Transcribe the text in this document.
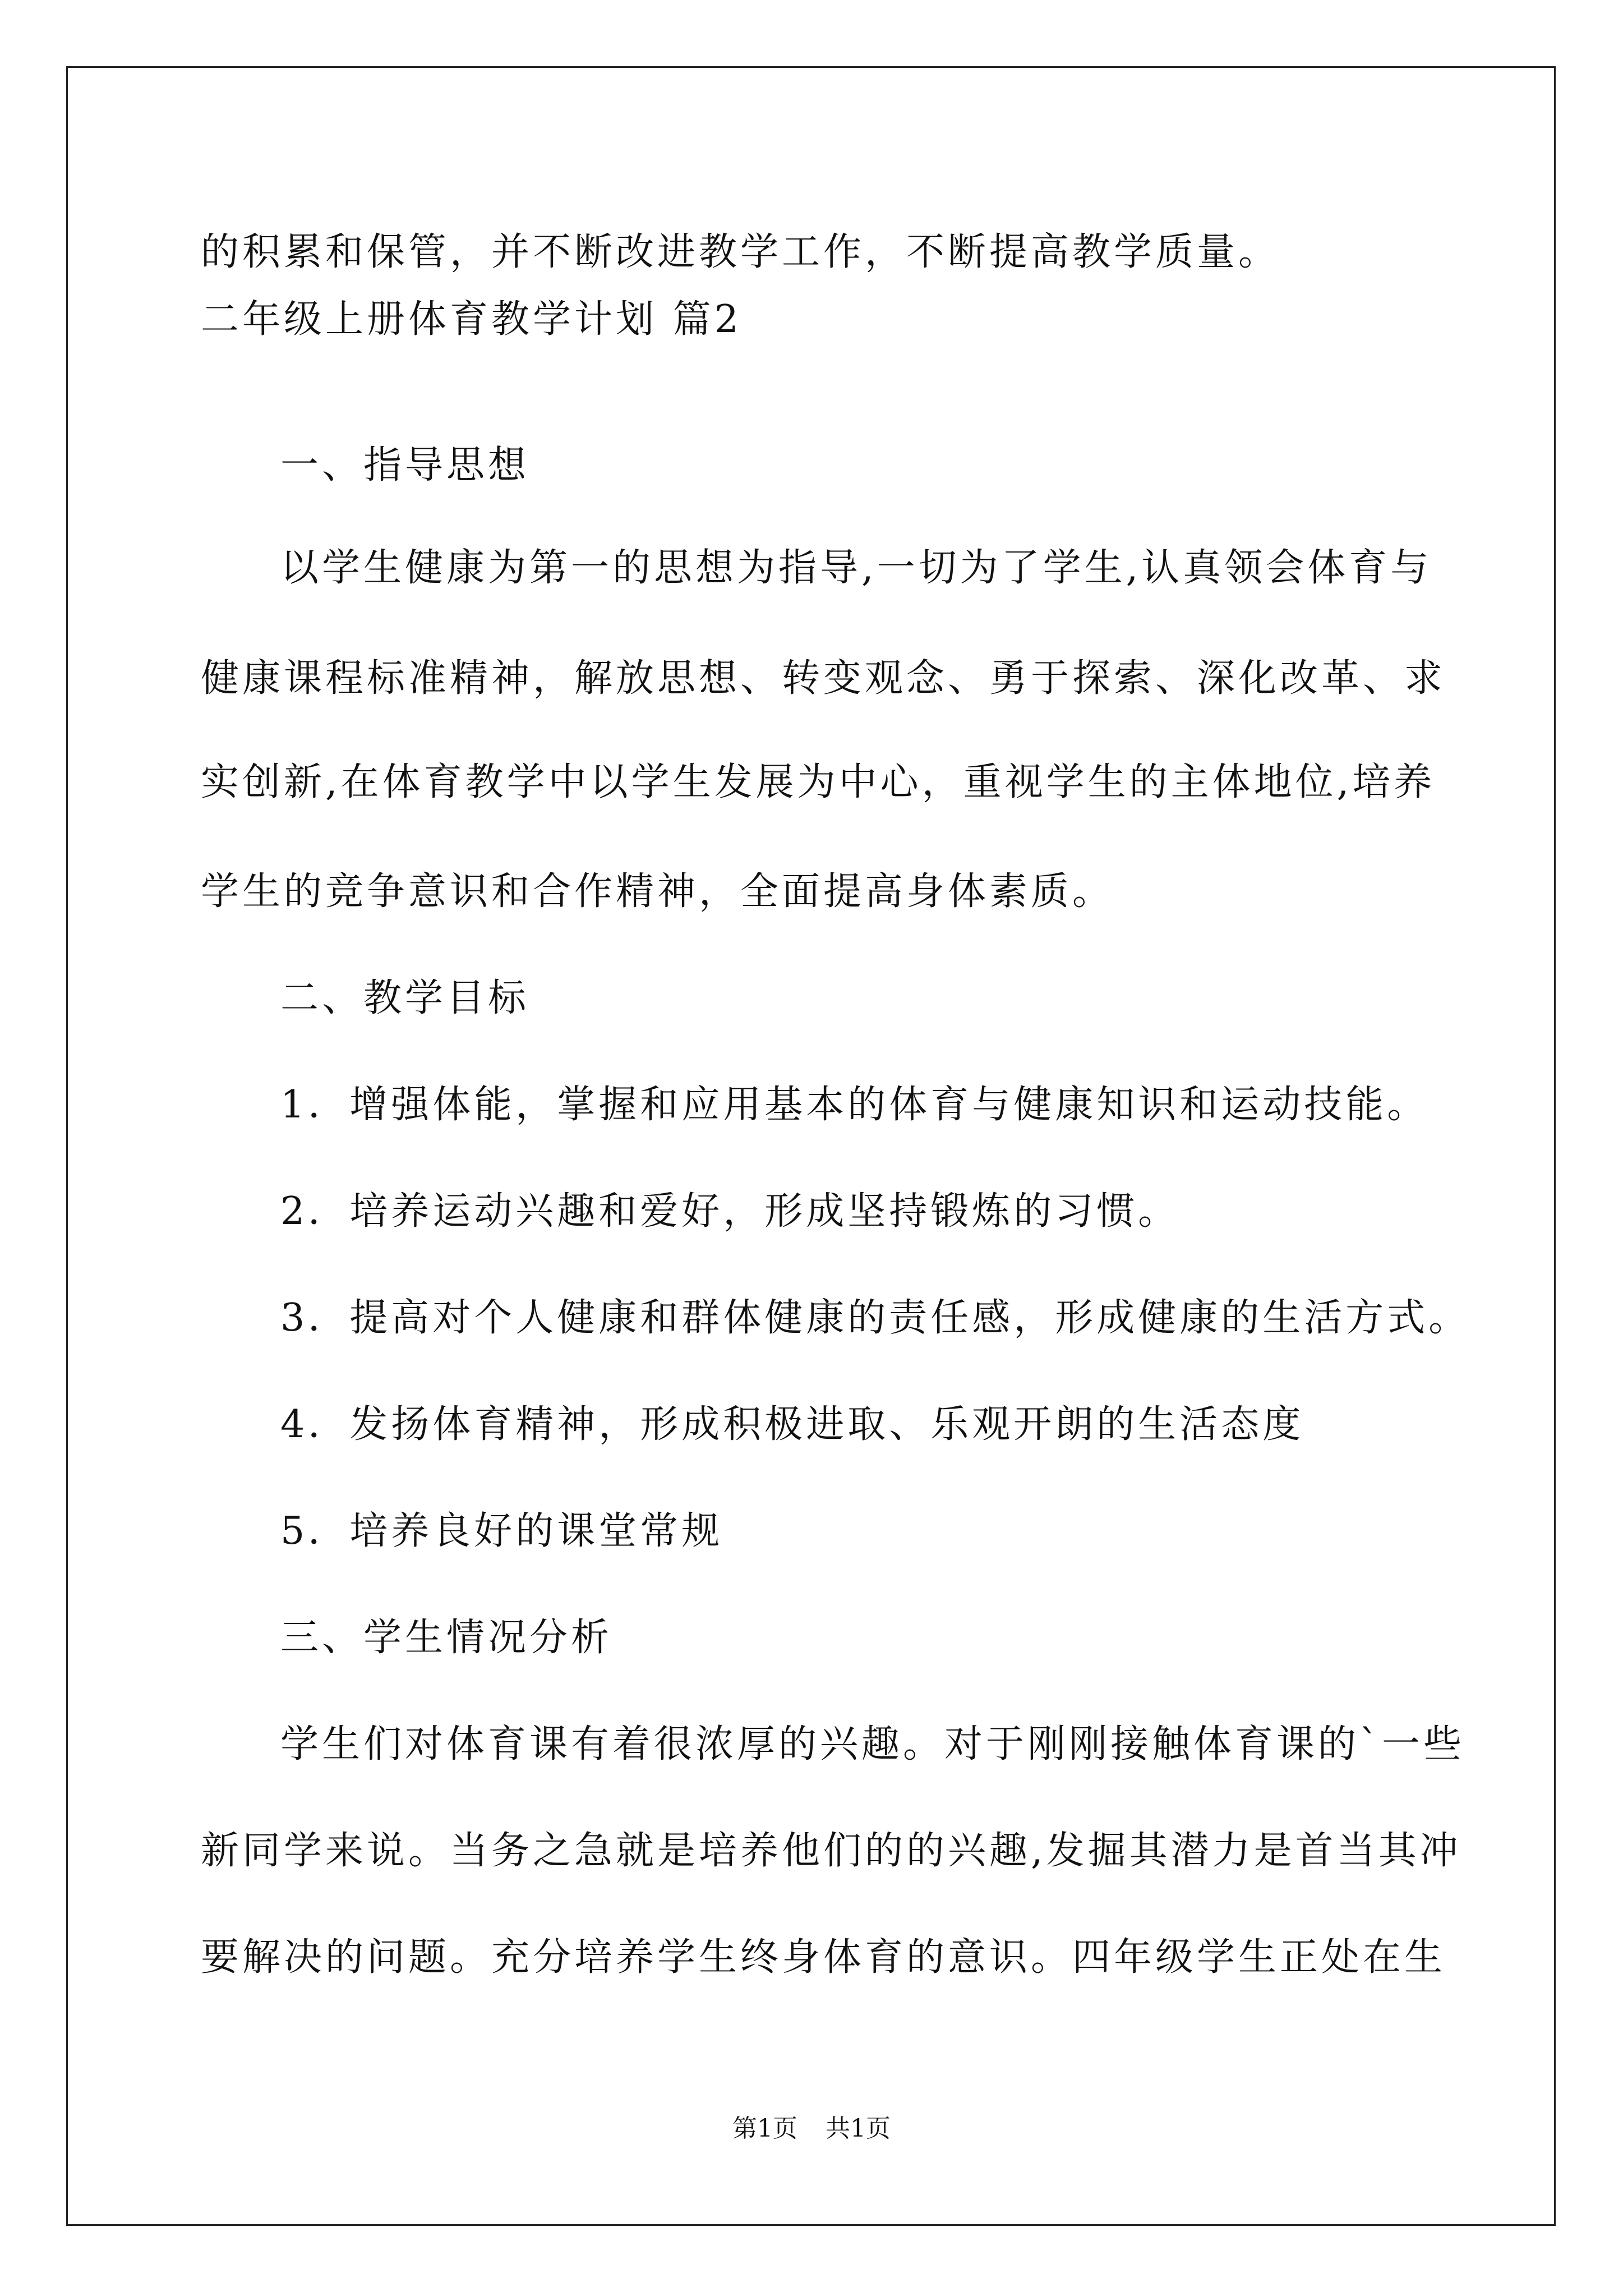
的积累和保管，并不断改进教学工作，不断提高教学质量。
二年级上册体育教学计划 篇2
一、指导思想
以学生健康为第一的思想为指导,一切为了学生,认真领会体育与
健康课程标准精神，解放思想、转变观念、勇于探索、深化改革、求
实创新,在体育教学中以学生发展为中心，重视学生的主体地位,培养
学生的竞争意识和合作精神，全面提高身体素质。
二、教学目标
1．增强体能，掌握和应用基本的体育与健康知识和运动技能。
2．培养运动兴趣和爱好，形成坚持锻炼的习惯。
3．提高对个人健康和群体健康的责任感，形成健康的生活方式。
4．发扬体育精神，形成积极进取、乐观开朗的生活态度
5．培养良好的课堂常规
三、学生情况分析
学生们对体育课有着很浓厚的兴趣。对于刚刚接触体育课的`一些
新同学来说。当务之急就是培养他们的的兴趣,发掘其潜力是首当其冲
要解决的问题。充分培养学生终身体育的意识。四年级学生正处在生
第1页 共1页
